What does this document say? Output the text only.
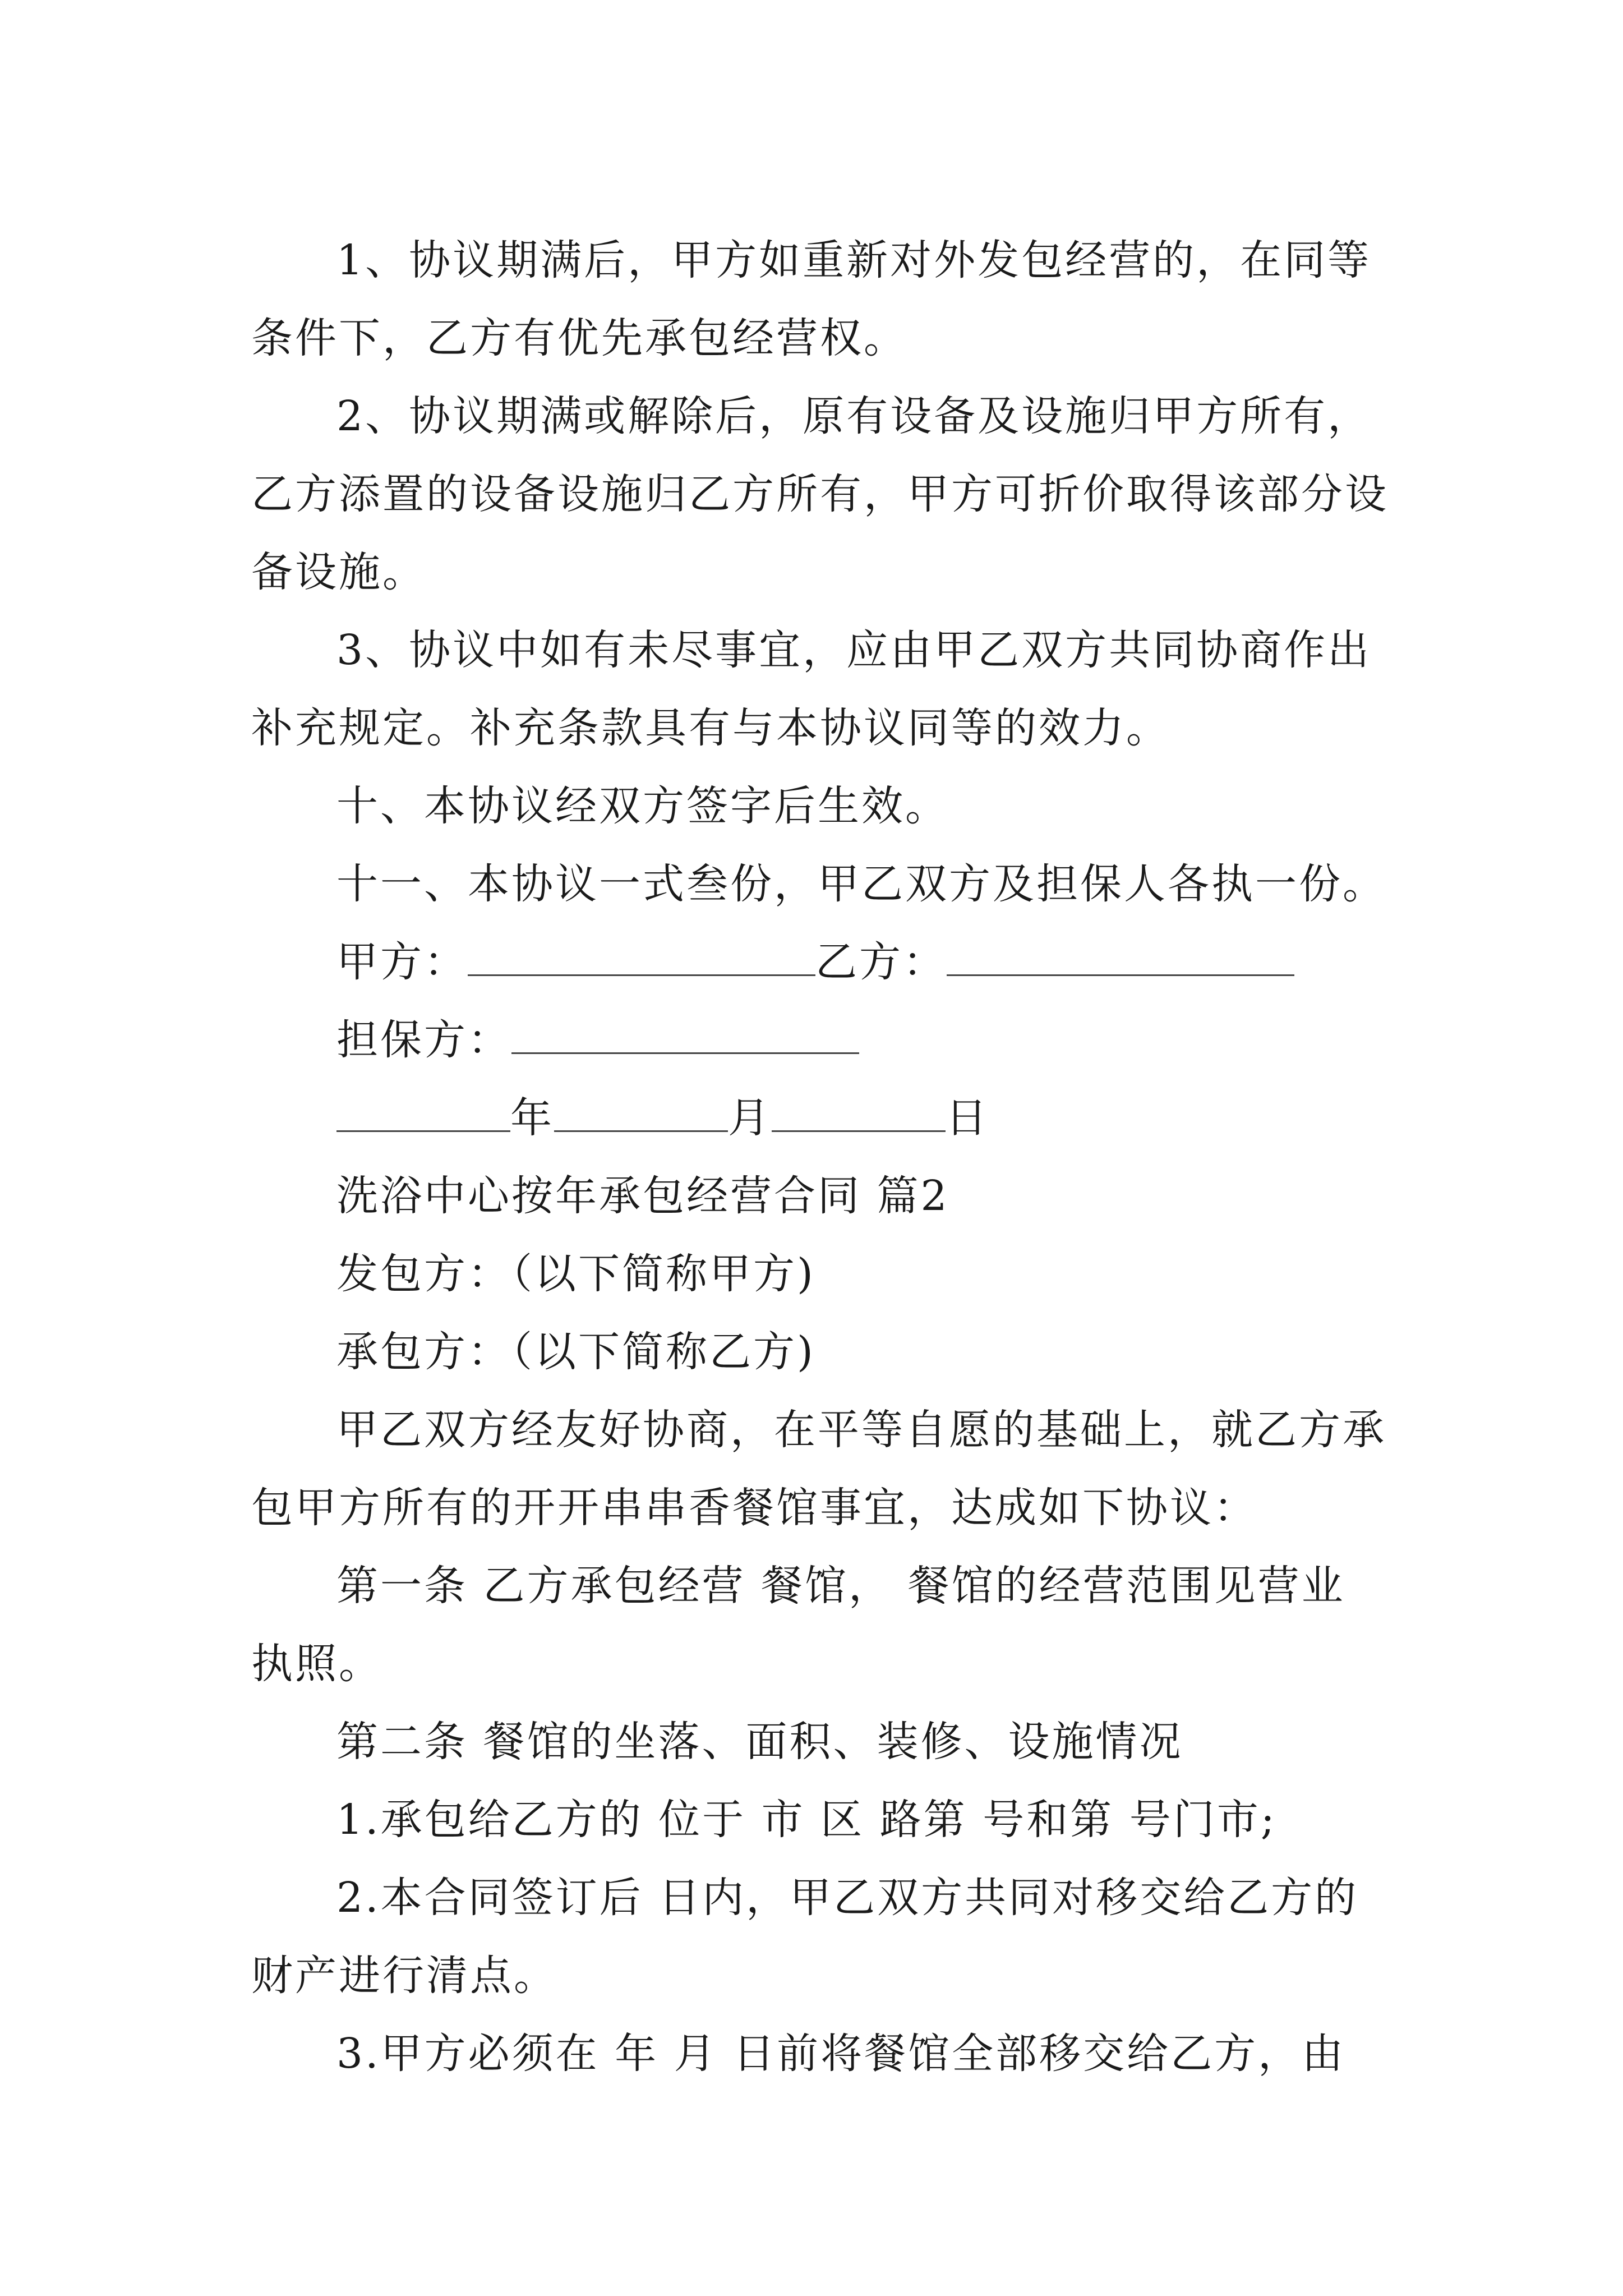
1、协议期满后，甲方如重新对外发包经营的，在同等

条件下，乙方有优先承包经营权。

2、协议期满或解除后，原有设备及设施归甲方所有，

乙方添置的设备设施归乙方所有，甲方可折价取得该部分设

备设施。

3、协议中如有未尽事宜，应由甲乙双方共同协商作出

补充规定。补充条款具有与本协议同等的效力。

十、本协议经双方签字后生效。

十一、本协议一式叁份，甲乙双方及担保人各执一份。

甲方：	乙方：

担保方：

年	月	日

洗浴中心按年承包经营合同 篇2

发包方：（以下简称甲方)

承包方：（以下简称乙方)

甲乙双方经友好协商，在平等自愿的基础上，就乙方承

包甲方所有的开开串串香餐馆事宜，达成如下协议：

第一条 乙方承包经营 餐馆， 餐馆的经营范围见营业

执照。

第二条 餐馆的坐落、面积、装修、设施情况

1.承包给乙方的 位于 市 区 路第 号和第 号门市;

2.本合同签订后 日内，甲乙双方共同对移交给乙方的

财产进行清点。

3.甲方必须在 年 月 日前将餐馆全部移交给乙方，由
